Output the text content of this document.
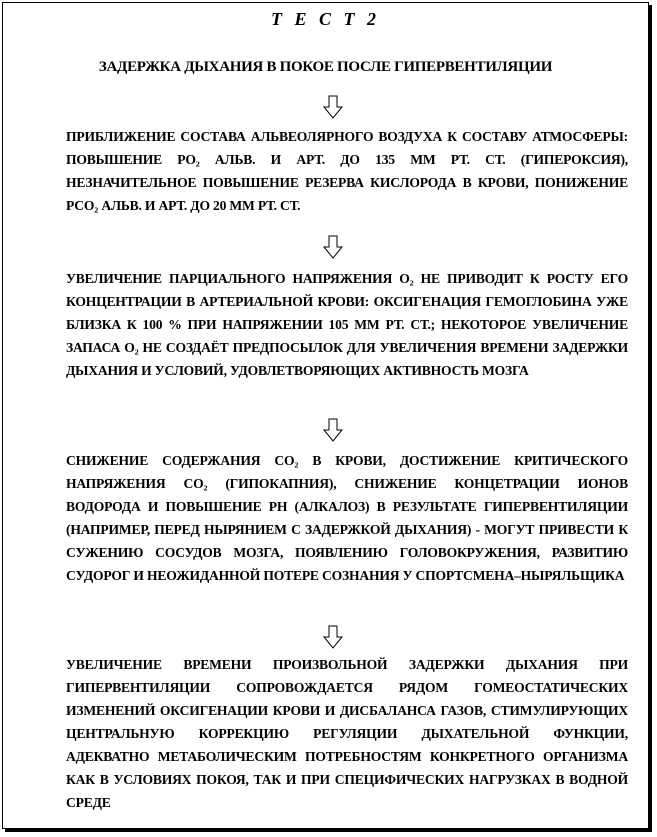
Т Е С Т 2
ЗАДЕРЖКА ДЫХАНИЯ В ПОКОЕ ПОСЛЕ ГИПЕРВЕНТИЛЯЦИИ
ПРИБЛИЖЕНИЕ СОСТАВА АЛЬВЕОЛЯРНОГО ВОЗДУХА К СОСТАВУ АТМОСФЕРЫ: ПОВЫШЕНИЕ РО₂ АЛЬВ. И АРТ. ДО 135 ММ РТ. СТ. (ГИПЕРОКСИЯ), НЕЗНАЧИТЕЛЬНОЕ ПОВЫШЕНИЕ РЕЗЕРВА КИСЛОРОДА В КРОВИ, ПОНИЖЕНИЕ РСО₂ АЛЬВ. И АРТ. ДО 20 ММ РТ. СТ.
УВЕЛИЧЕНИЕ ПАРЦИАЛЬНОГО НАПРЯЖЕНИЯ О₂ НЕ ПРИВОДИТ К РОСТУ ЕГО КОНЦЕНТРАЦИИ В АРТЕРИАЛЬНОЙ КРОВИ: ОКСИГЕНАЦИЯ ГЕМОГЛОБИНА УЖЕ БЛИЗКА К 100 % ПРИ НАПРЯЖЕНИИ 105 ММ РТ. СТ.; НЕКОТОРОЕ УВЕЛИЧЕНИЕ ЗАПАСА О₂ НЕ СОЗДАЁТ ПРЕДПОСЫЛОК ДЛЯ УВЕЛИЧЕНИЯ ВРЕМЕНИ ЗАДЕРЖКИ ДЫХАНИЯ И УСЛОВИЙ, УДОВЛЕТВОРЯЮЩИХ АКТИВНОСТЬ МОЗГА
СНИЖЕНИЕ СОДЕРЖАНИЯ СО₂ В КРОВИ, ДОСТИЖЕНИЕ КРИТИЧЕСКОГО НАПРЯЖЕНИЯ СО₂ (ГИПОКАПНИЯ), СНИЖЕНИЕ КОНЦЕТРАЦИИ ИОНОВ ВОДОРОДА И ПОВЫШЕНИЕ PH (АЛКАЛОЗ) В РЕЗУЛЬТАТЕ ГИПЕРВЕНТИЛЯЦИИ (НАПРИМЕР, ПЕРЕД НЫРЯНИЕМ С ЗАДЕРЖКОЙ ДЫХАНИЯ) - МОГУТ ПРИВЕСТИ К СУЖЕНИЮ СОСУДОВ МОЗГА, ПОЯВЛЕНИЮ ГОЛОВОКРУЖЕНИЯ, РАЗВИТИЮ СУДОРОГ И НЕОЖИДАННОЙ ПОТЕРЕ СОЗНАНИЯ У СПОРТСМЕНА–НЫРЯЛЬЩИКА
УВЕЛИЧЕНИЕ ВРЕМЕНИ ПРОИЗВОЛЬНОЙ ЗАДЕРЖКИ ДЫХАНИЯ ПРИ ГИПЕРВЕНТИЛЯЦИИ СОПРОВОЖДАЕТСЯ РЯДОМ ГОМЕОСТАТИЧЕСКИХ ИЗМЕНЕНИЙ ОКСИГЕНАЦИИ КРОВИ И ДИСБАЛАНСА ГАЗОВ, СТИМУЛИРУЮЩИХ ЦЕНТРАЛЬНУЮ КОРРЕКЦИЮ РЕГУЛЯЦИИ ДЫХАТЕЛЬНОЙ ФУНКЦИИ, АДЕКВАТНО МЕТАБОЛИЧЕСКИМ ПОТРЕБНОСТЯМ КОНКРЕТНОГО ОРГАНИЗМА КАК В УСЛОВИЯХ ПОКОЯ, ТАК И ПРИ СПЕЦИФИЧЕСКИХ НАГРУЗКАХ В ВОДНОЙ СРЕДЕ
